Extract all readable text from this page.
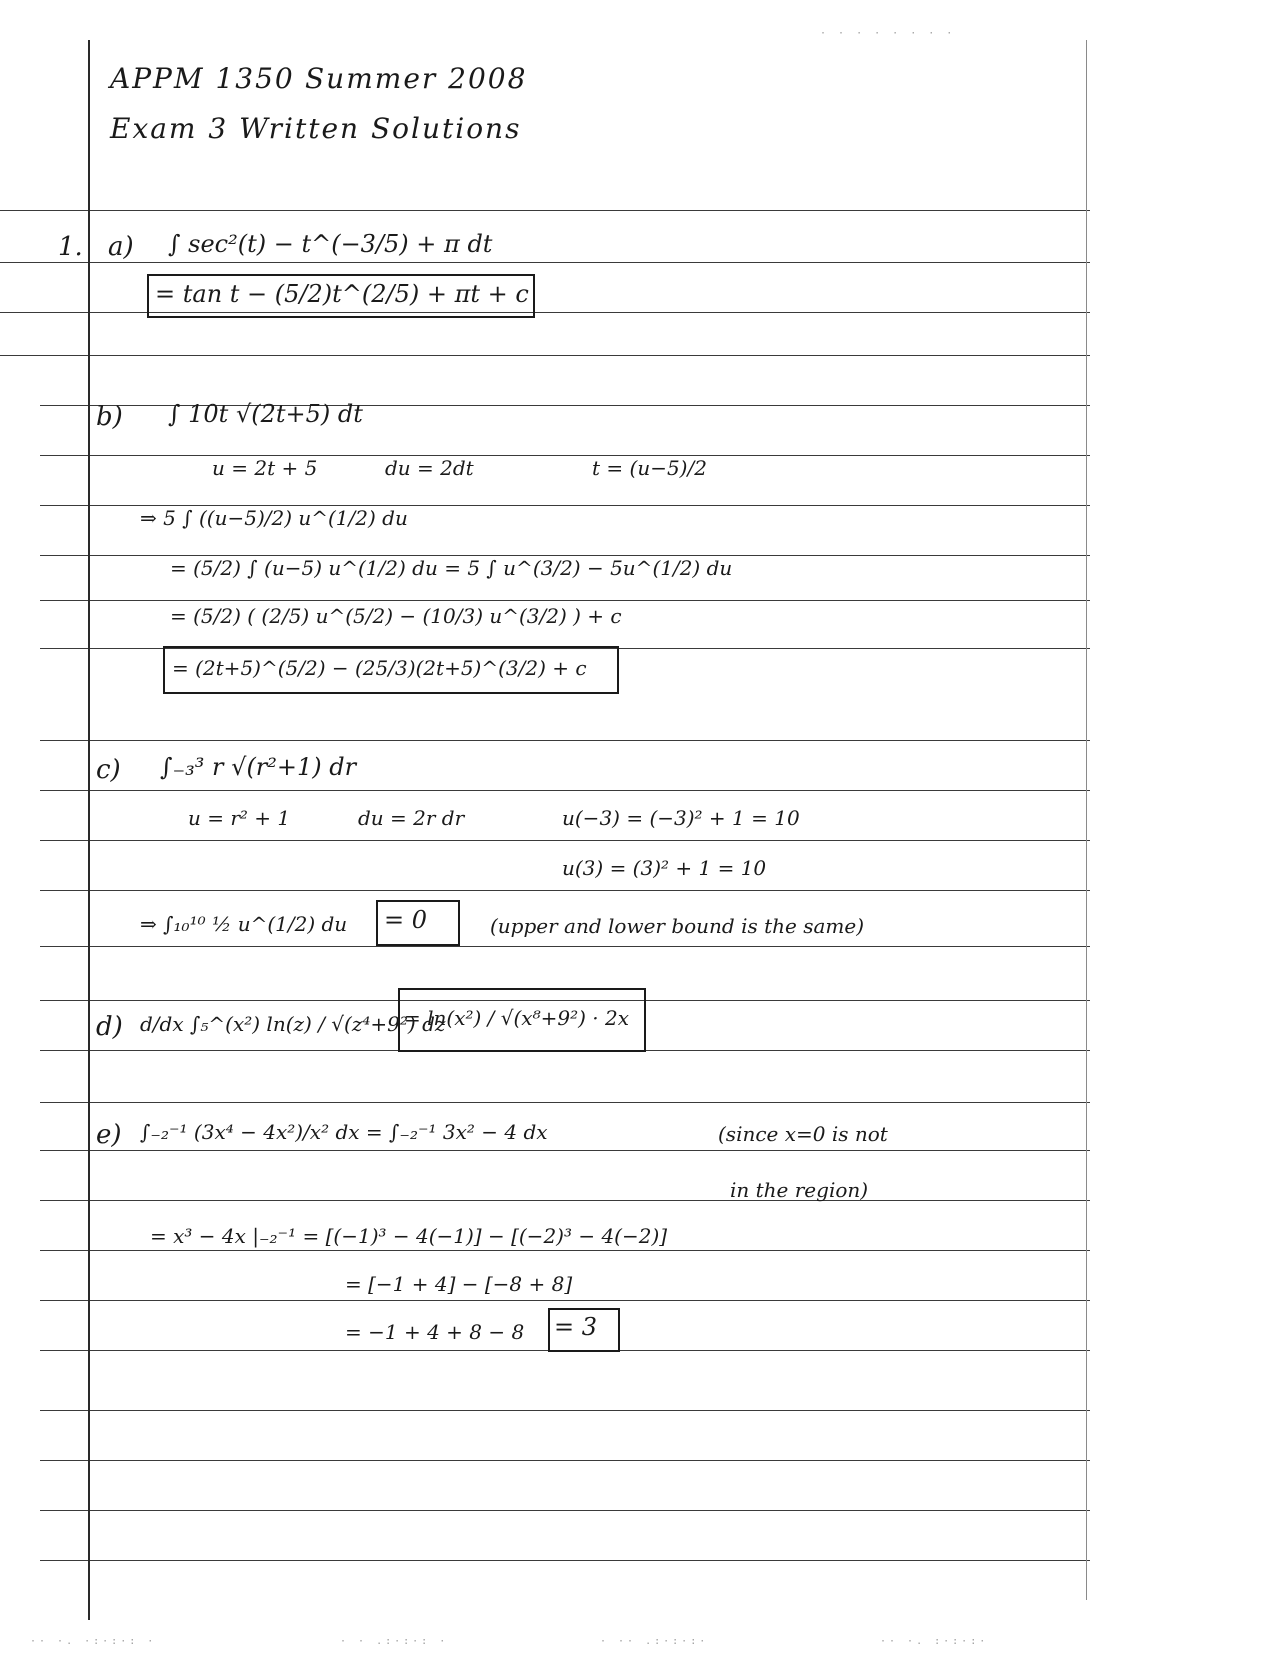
APPM 1350 Summer 2008
Exam 3 Written Solutions
1. a) ∫ sec²(t) − t^(−3/5) + π dt
= tan t − (5/2)t^(2/5) + πt + c
b) ∫ 10t √(2t+5) dt
u = 2t + 5	du = 2dt	t = (u−5)/2
⇒ 5 ∫ ((u−5)/2) u^(1/2) du
= (5/2) ∫ (u−5) u^(1/2) du = 5 ∫ u^(3/2) − 5u^(1/2) du
= (5/2) ( (2/5) u^(5/2) − (10/3) u^(3/2) ) + c
= (2t+5)^(5/2) − (25/3)(2t+5)^(3/2) + c
c) ∫₋₃³ r √(r²+1) dr
u = r² + 1	du = 2r dr	u(−3) = (−3)² + 1 = 10
u(3) = (3)² + 1 = 10
⇒ ∫₁₀¹⁰ ½ u^(1/2) du = 0	(upper and lower bound is the same)
d) d/dx ∫₅^(x²) ln(z) / √(z⁴+9²) dz
= ln(x²) / √(x⁸+9²) · 2x
e) ∫₋₂⁻¹ (3x⁴ − 4x²)/x² dx = ∫₋₂⁻¹ 3x² − 4 dx	(since x=0 is not
in the region)
= x³ − 4x |₋₂⁻¹ = [(−1)³ − 4(−1)] − [(−2)³ − 4(−2)]
= [−1 + 4] − [−8 + 8]
= −1 + 4 + 8 − 8 = 3
· · · · · · · ·
·· ·. ·:·:·: ·	· · .:·:·: ·	· ·· .:·:·:·	·· ·. :·:·:·
